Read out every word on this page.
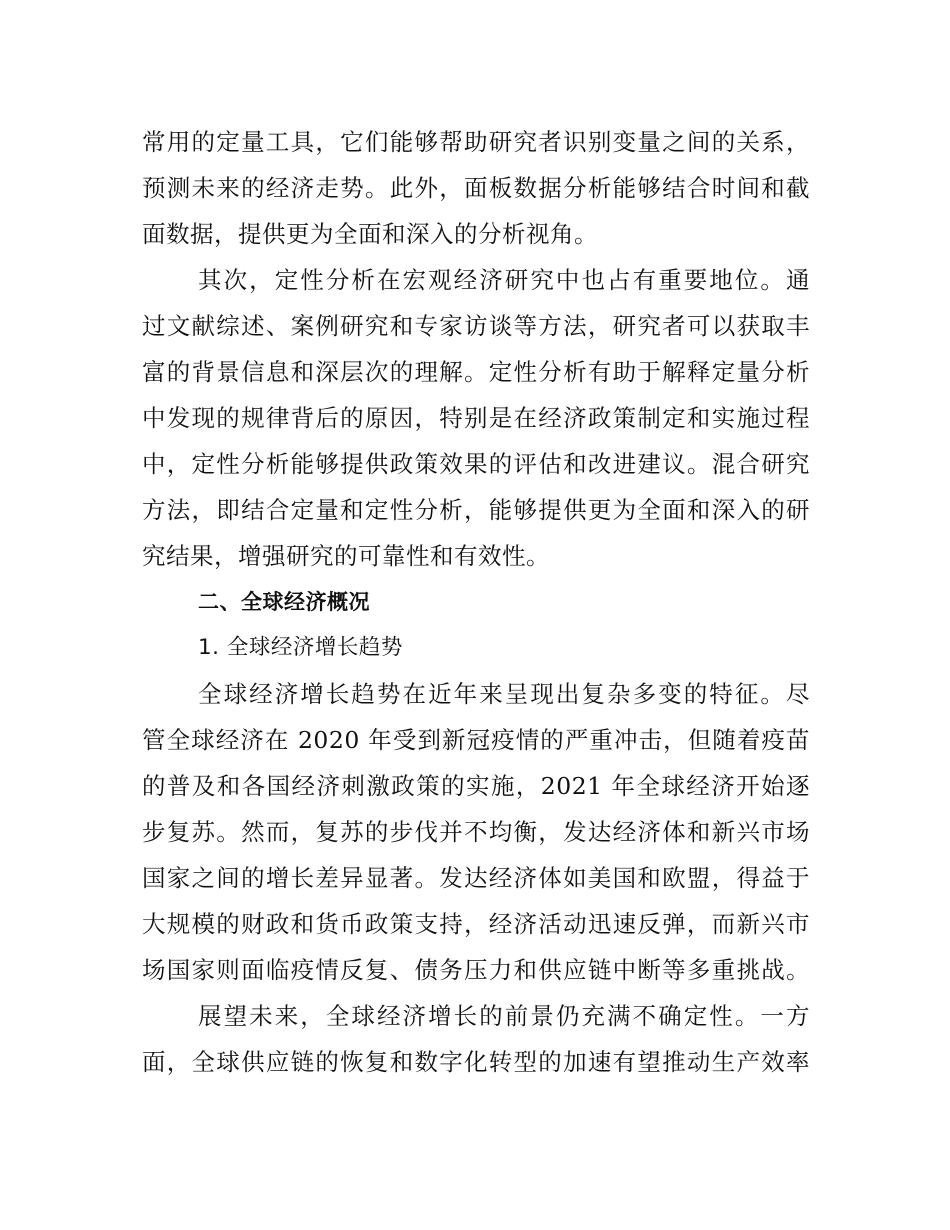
常用的定量工具，它们能够帮助研究者识别变量之间的关系，
预测未来的经济走势。此外，面板数据分析能够结合时间和截
面数据，提供更为全面和深入的分析视角。
其次，定性分析在宏观经济研究中也占有重要地位。通
过文献综述、案例研究和专家访谈等方法，研究者可以获取丰
富的背景信息和深层次的理解。定性分析有助于解释定量分析
中发现的规律背后的原因，特别是在经济政策制定和实施过程
中，定性分析能够提供政策效果的评估和改进建议。混合研究
方法，即结合定量和定性分析，能够提供更为全面和深入的研
究结果，增强研究的可靠性和有效性。
二、全球经济概况
1. 全球经济增长趋势
全球经济增长趋势在近年来呈现出复杂多变的特征。尽
管全球经济在 2020 年受到新冠疫情的严重冲击，但随着疫苗
的普及和各国经济刺激政策的实施，2021 年全球经济开始逐
步复苏。然而，复苏的步伐并不均衡，发达经济体和新兴市场
国家之间的增长差异显著。发达经济体如美国和欧盟，得益于
大规模的财政和货币政策支持，经济活动迅速反弹，而新兴市
场国家则面临疫情反复、债务压力和供应链中断等多重挑战。
展望未来，全球经济增长的前景仍充满不确定性。一方
面，全球供应链的恢复和数字化转型的加速有望推动生产效率
